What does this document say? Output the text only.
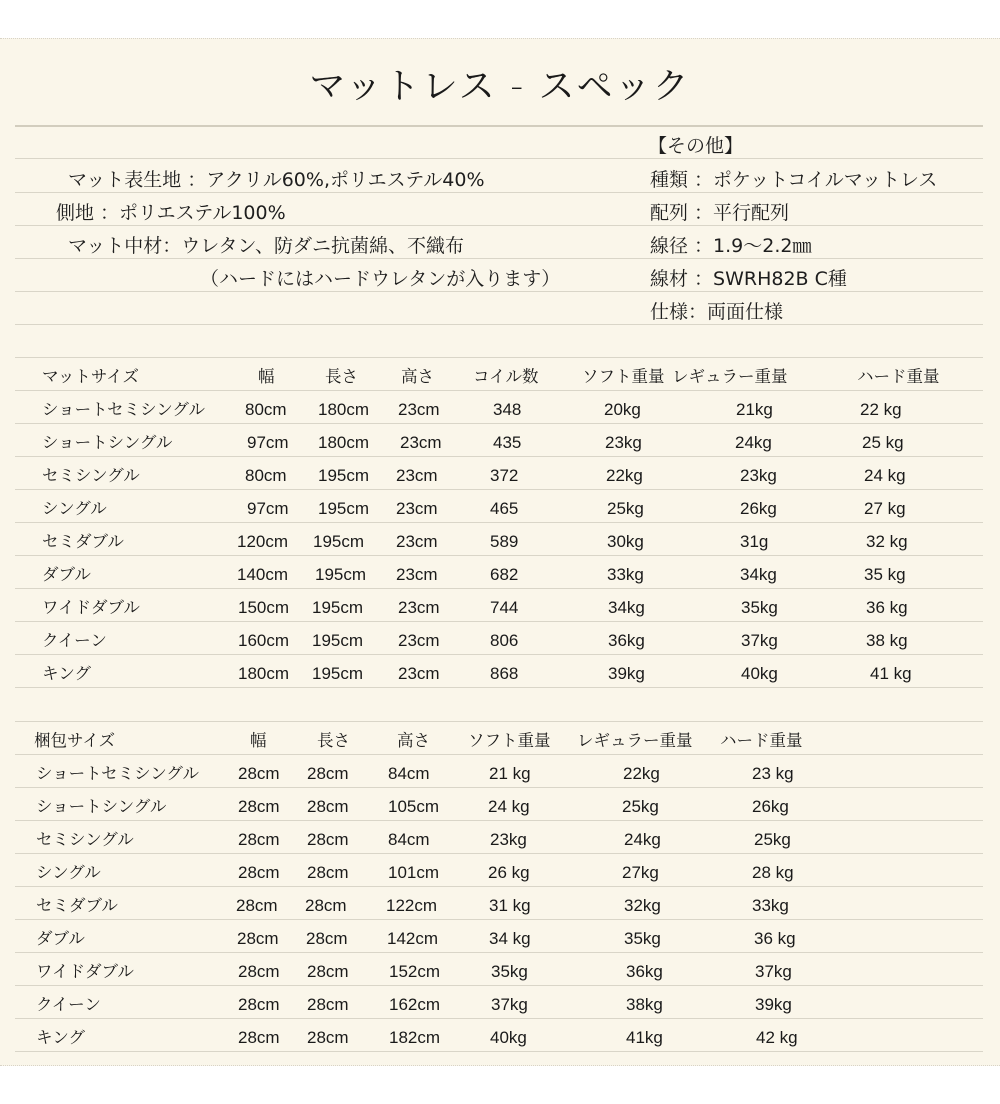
マットレス - スペック
マット表生地 ：アクリル60%,ポリエステル40%
側地 ：ポリエステル100%
マット中材：ウレタン、防ダニ抗菌綿、不織布
（ハードにはハードウレタンが入ります）
【その他】
種類 ：ポケットコイルマットレス
配列 ：平行配列
線径 ：1.9～2.2㎜
線材 ：SWRH82B C種
仕様：両面仕様
マットサイズ	幅	長さ	高さ コイル数	ソフト重量 レギュラー重量	ハード重量
ショートセミシングル 80cm 180cm 23cm	348	20kg	21kg	22 kg
ショートシングル	97cm 180cm 23cm	435	23kg	24kg	25 kg
セミシングル	80cm 195cm 23cm	372	22kg	23kg	24 kg
シングル	97cm 195cm 23cm	465	25kg	26kg	27 kg
セミダブル	120cm 195cm 23cm	589	30kg	31g	32 kg
ダブル	140cm 195cm 23cm	682	33kg	34kg	35 kg
ワイドダブル	150cm 195cm 23cm	744	34kg	35kg	36 kg
クイーン	160cm 195cm 23cm	806	36kg	37kg	38 kg
キング	180cm 195cm 23cm	868	39kg	40kg	41 kg
梱包サイズ	幅	長さ	高さ ソフト重量 レギュラー重量 ハード重量
ショートセミシングル 28cm 28cm 84cm	21 kg	22kg	23 kg
ショートシングル	28cm 28cm 105cm	24 kg	25kg	26kg
セミシングル	28cm 28cm 84cm	23kg	24kg	25kg
シングル	28cm 28cm 101cm	26 kg	27kg	28 kg
セミダブル	28cm 28cm 122cm	31 kg	32kg	33kg
ダブル	28cm 28cm 142cm	34 kg	35kg	36 kg
ワイドダブル	28cm 28cm 152cm	35kg	36kg	37kg
クイーン	28cm 28cm 162cm	37kg	38kg	39kg
キング	28cm 28cm 182cm	40kg	41kg	42 kg
